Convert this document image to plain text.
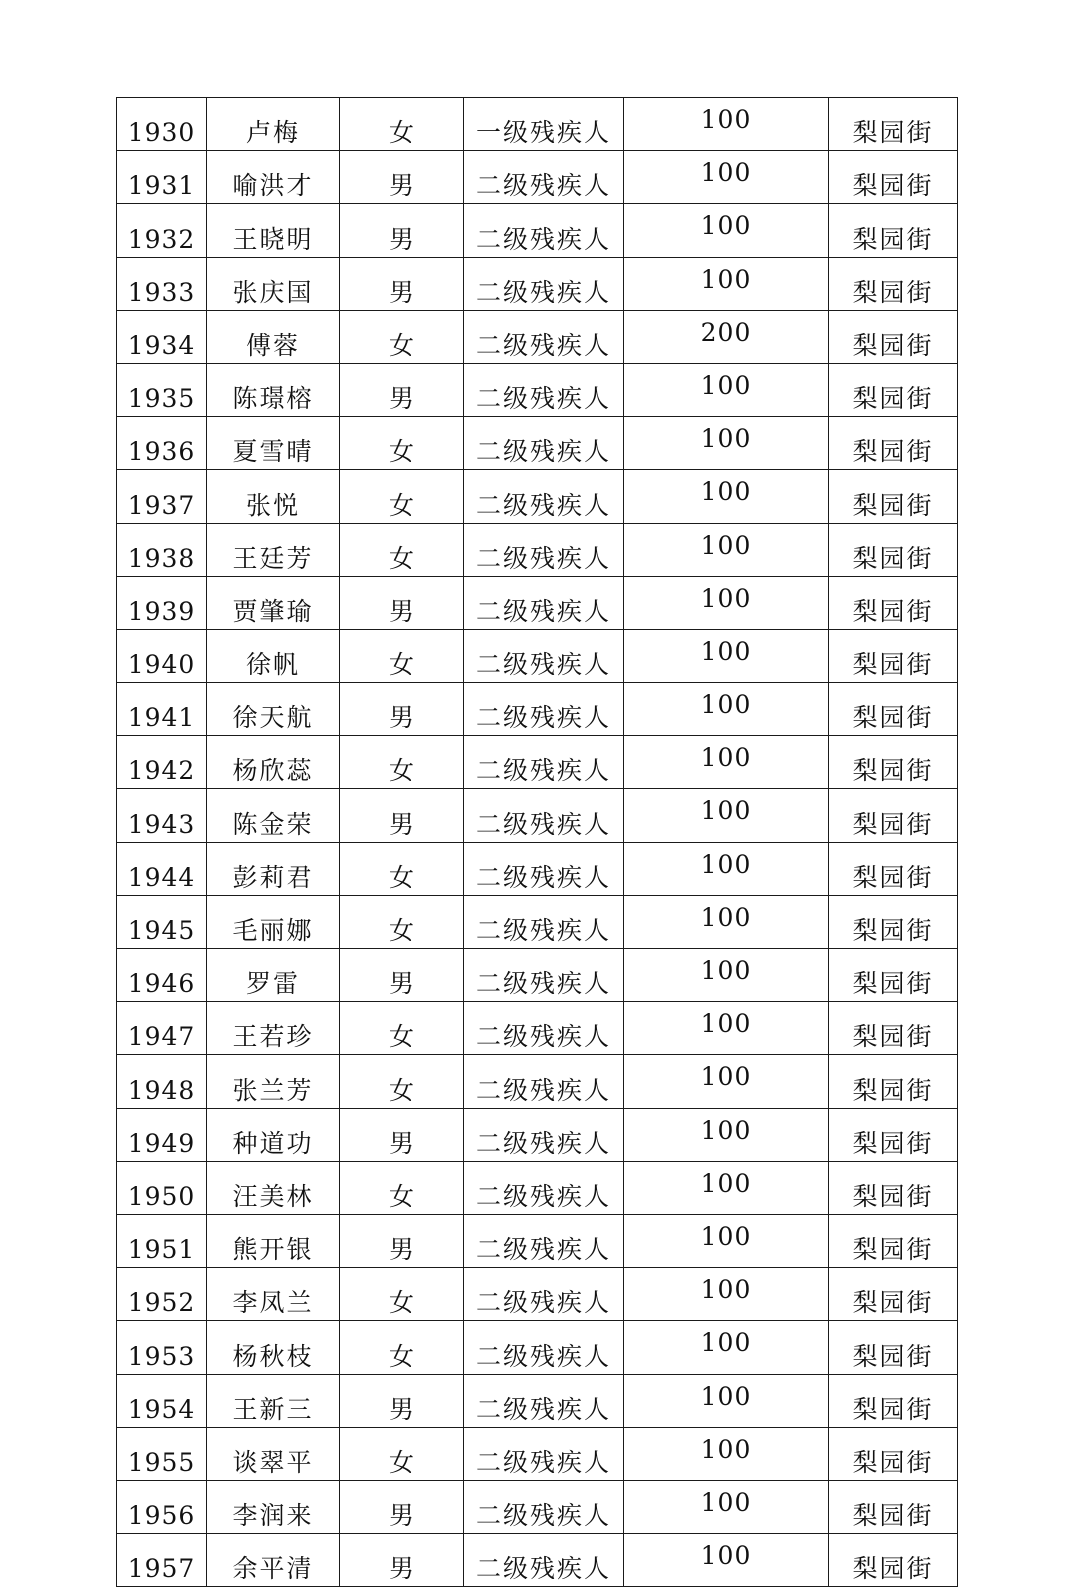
1930	卢梅	女	一级残疾人	100	梨园街
1931	喻洪才	男	二级残疾人	100	梨园街
1932	王晓明	男	二级残疾人	100	梨园街
1933	张庆国	男	二级残疾人	100	梨园街
1934	傅蓉	女	二级残疾人	200	梨园街
1935	陈璟榕	男	二级残疾人	100	梨园街
1936	夏雪晴	女	二级残疾人	100	梨园街
1937	张悦	女	二级残疾人	100	梨园街
1938	王廷芳	女	二级残疾人	100	梨园街
1939	贾肇瑜	男	二级残疾人	100	梨园街
1940	徐帆	女	二级残疾人	100	梨园街
1941	徐天航	男	二级残疾人	100	梨园街
1942	杨欣蕊	女	二级残疾人	100	梨园街
1943	陈金荣	男	二级残疾人	100	梨园街
1944	彭莉君	女	二级残疾人	100	梨园街
1945	毛丽娜	女	二级残疾人	100	梨园街
1946	罗雷	男	二级残疾人	100	梨园街
1947	王若珍	女	二级残疾人	100	梨园街
1948	张兰芳	女	二级残疾人	100	梨园街
1949	种道功	男	二级残疾人	100	梨园街
1950	汪美林	女	二级残疾人	100	梨园街
1951	熊开银	男	二级残疾人	100	梨园街
1952	李凤兰	女	二级残疾人	100	梨园街
1953	杨秋枝	女	二级残疾人	100	梨园街
1954	王新三	男	二级残疾人	100	梨园街
1955	谈翠平	女	二级残疾人	100	梨园街
1956	李润来	男	二级残疾人	100	梨园街
1957	余平清	男	二级残疾人	100	梨园街
